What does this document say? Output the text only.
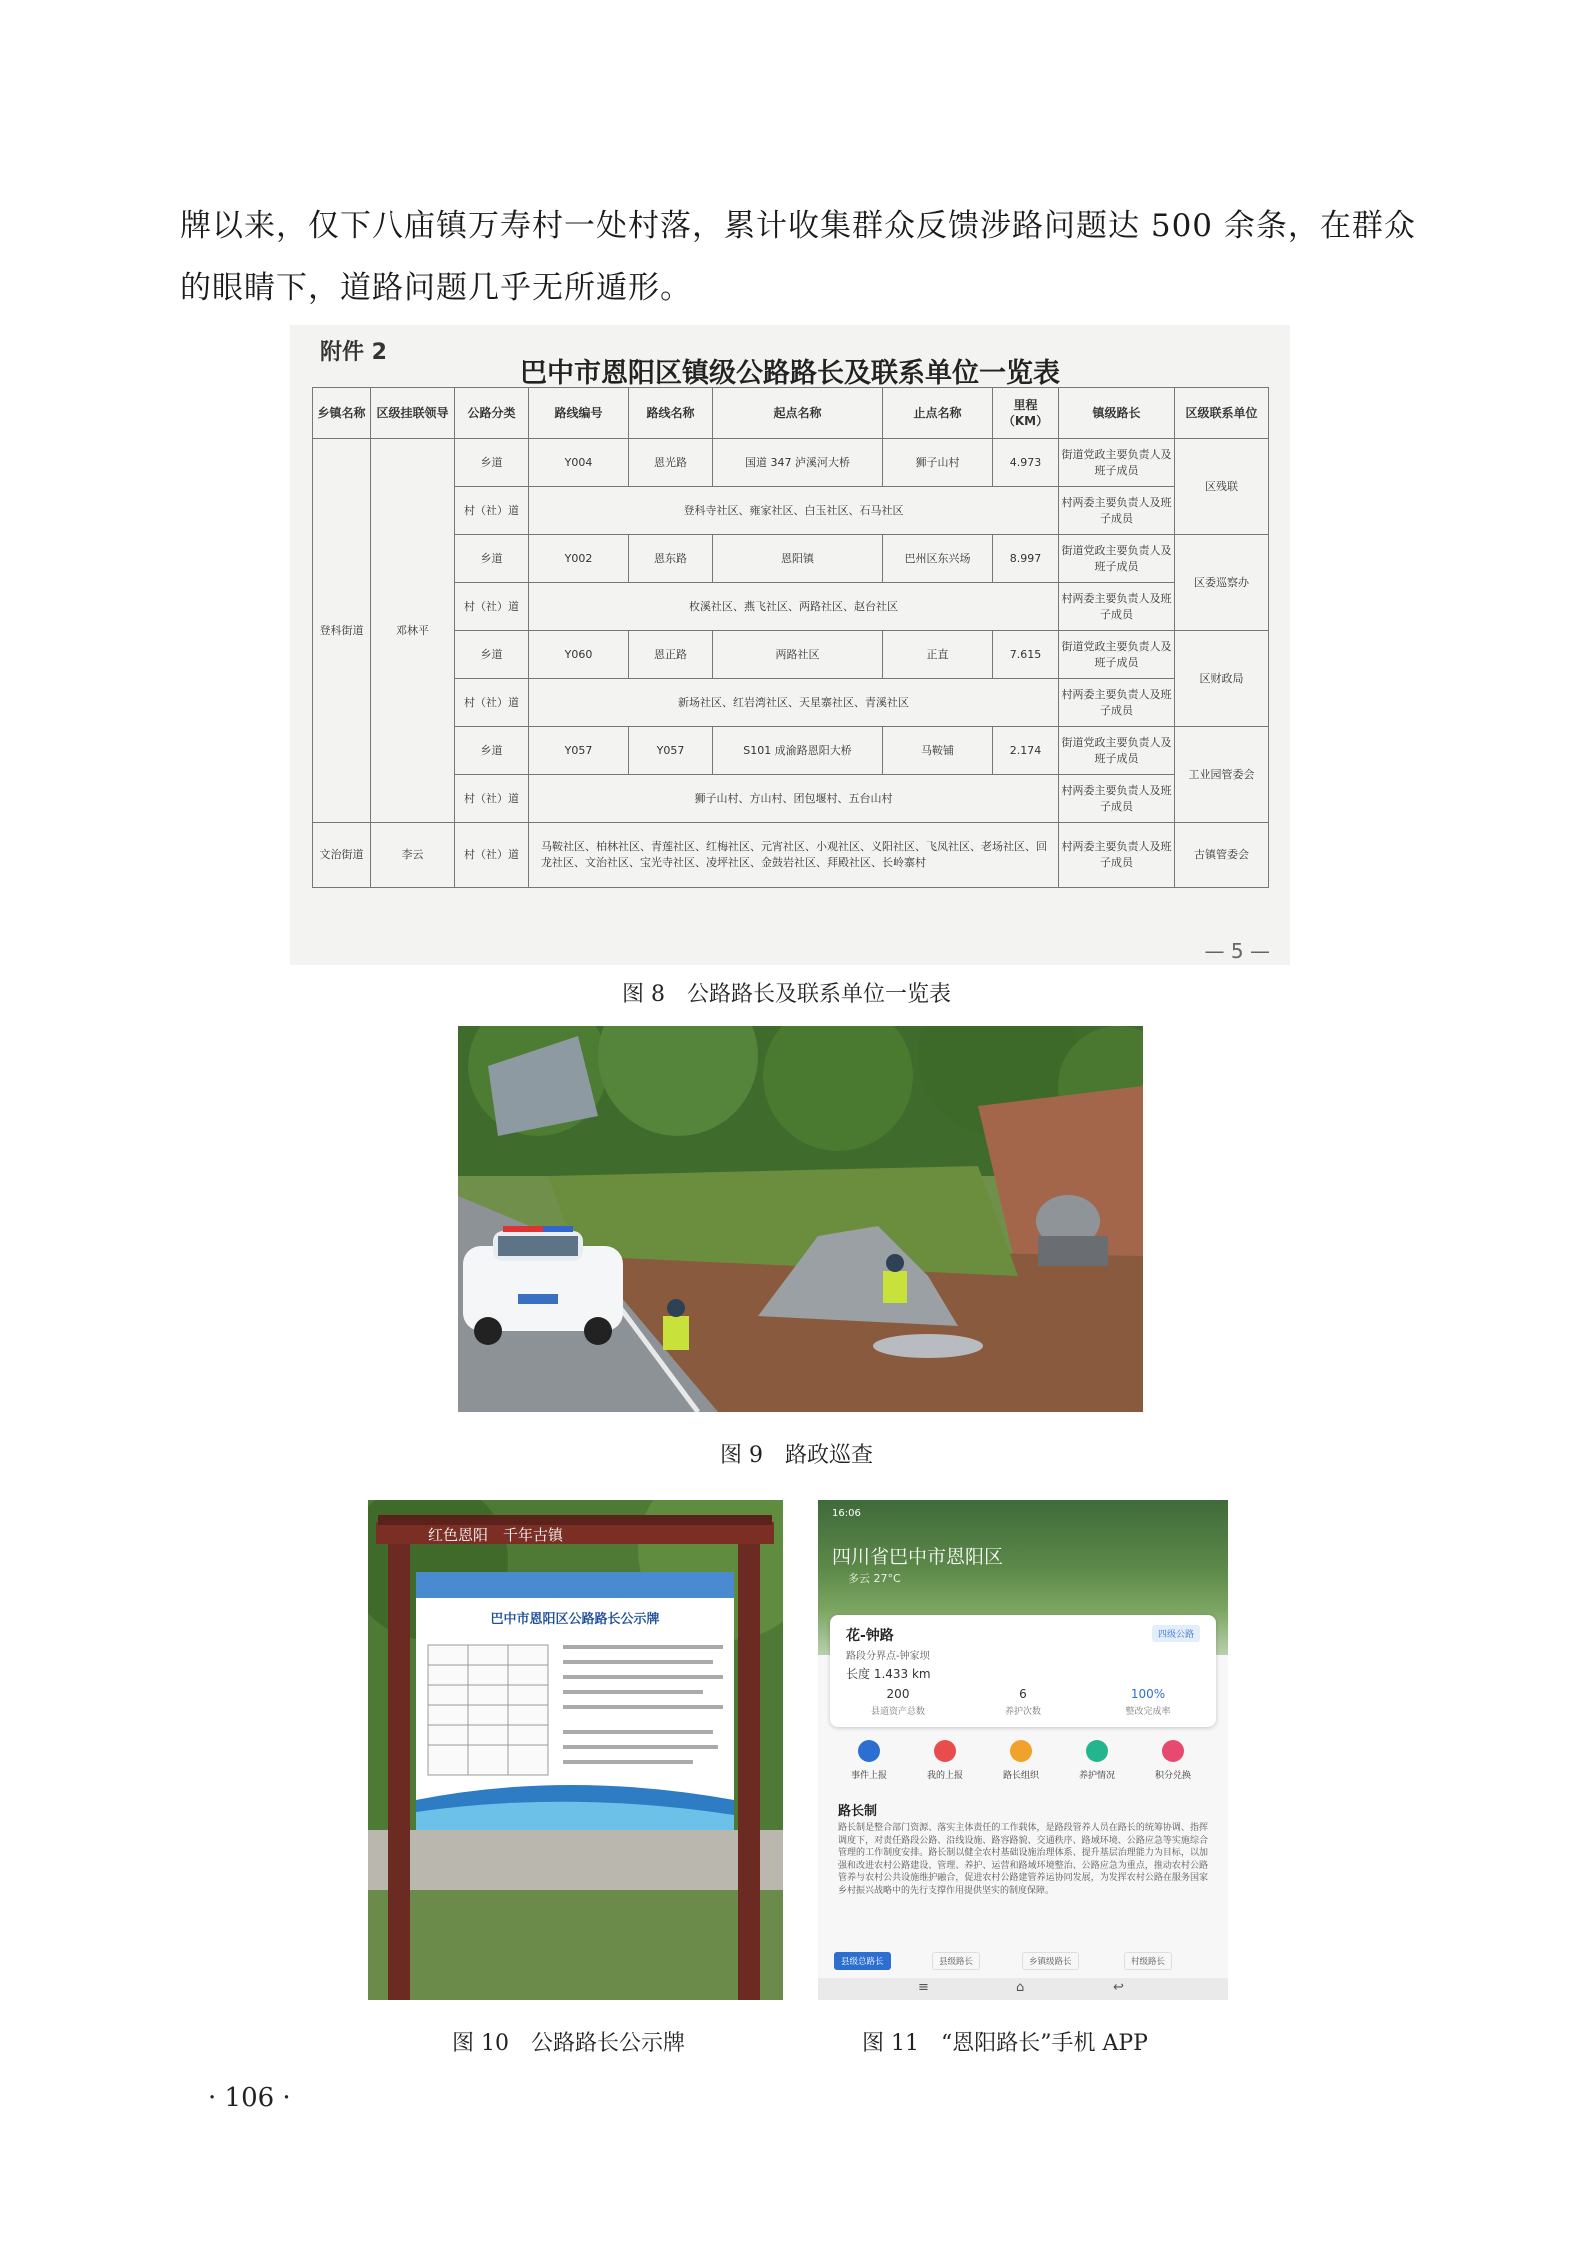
牌以来，仅下八庙镇万寿村一处村落，累计收集群众反馈涉路问题达 500 余条，在群众

的眼睛下，道路问题几乎无所遁形。

附件 2
巴中市恩阳区镇级公路路长及联系单位一览表
乡镇名称	区级挂联领导	公路分类	路线编号	路线名称	起点名称	止点名称	里程（KM）	镇级路长	区级联系单位
登科街道	邓林平	乡道	Y004	恩光路	国道 347 泸溪河大桥	狮子山村	4.973	街道党政主要负责人及班子成员	区残联
		村（社）道	登科寺社区、雍家社区、白玉社区、石马社区					村两委主要负责人及班子成员	
		乡道	Y002	恩东路	恩阳镇	巴州区东兴场	8.997	街道党政主要负责人及班子成员	区委巡察办
		村（社）道	枚溪社区、燕飞社区、两路社区、赵台社区					村两委主要负责人及班子成员	
		乡道	Y060	恩正路	两路社区	正直	7.615	街道党政主要负责人及班子成员	区财政局
		村（社）道	新场社区、红岩湾社区、天星寨社区、青溪社区					村两委主要负责人及班子成员	
		乡道	Y057	Y057	S101 成渝路恩阳大桥	马鞍铺	2.174	街道党政主要负责人及班子成员	工业园管委会
		村（社）道	狮子山村、方山村、团包堰村、五台山村					村两委主要负责人及班子成员	
文治街道	李云	村（社）道	马鞍社区、柏林社区、青莲社区、红梅社区、元宵社区、小观社区、义阳社区、飞凤社区、老场社区、回龙社区、文治社区、宝光寺社区、凌坪社区、金鼓岩社区、拜殿社区、长岭寨村					村两委主要负责人及班子成员	古镇管委会
— 5 —
图 8　公路路长及联系单位一览表
图 9　路政巡查
红色恩阳　千年古镇
巴中市恩阳区公路路长公示牌
图 10　公路路长公示牌
16:06
四川省巴中市恩阳区
多云 27°C
花-钟路	四级公路
路段分界点-钟家坝
长度 1.433 km
200
县道资产总数
6
养护次数
100%
整改完成率
事件上报	我的上报	路长组织	养护情况	积分兑换
路长制
路长制是整合部门资源、落实主体责任的工作载体，是路段管养人员在路长的统筹协调、指挥调度下，对责任路段公路、沿线设施、路容路貌、交通秩序、路域环境、公路应急等实施综合管理的工作制度安排。路长制以健全农村基础设施治理体系、提升基层治理能力为目标，以加强和改进农村公路建设、管理、养护、运营和路域环境整治、公路应急为重点，推动农村公路管养与农村公共设施维护融合，促进农村公路建管养运协同发展，为发挥农村公路在服务国家乡村振兴战略中的先行支撑作用提供坚实的制度保障。
县级总路长	县级路长	乡镇级路长	村级路长
≡	⌂	↩
图 11　“恩阳路长”手机 APP
· 106 ·
